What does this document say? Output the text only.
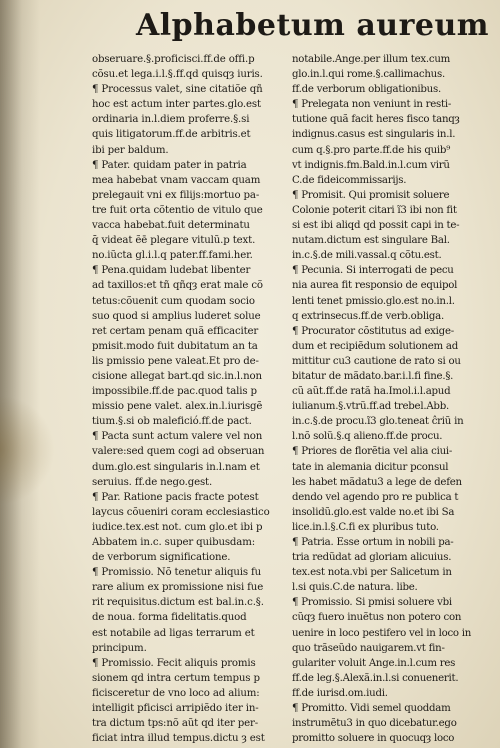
Alphabetum aureum
obseruare.§.proficisci.ff.de offi.p
cõsu.et lega.i.l.§.ff.qd quisqȝ iuris.
¶ Processus valet, sine citatiõe qñ
hoc est actum inter partes.glo.est
ordinaria in.l.diem proferre.§.si
quis litigatorum.ff.de arbitris.et
ibi per baldum.
¶ Pater. quidam pater in patria
mea habebat vnam vaccam quam
prelegauit vni ex filijs:mortuo pa-
tre fuit orta cõtentio de vitulo que
vacca habebat.fuit determinatu
q̄ videat ẽē plegare vitulũ.p text.
no.iũcta gl.i.l.q pater.ff.fami.her.
¶ Pena.quidam ludebat libenter
ad taxillos:et tñ qñqȝ erat male cõ
tetus:cõuenit cum quodam socio
suo quod si amplius luderet solue
ret certam penam quã efficaciter
pmisit.modo fuit dubitatum an ta
lis pmissio pene valeat.Et pro de-
cisione allegat bart.qd sic.in.l.non
impossibile.ff.de pac.quod talis p
missio pene valet. alex.in.l.iurisgẽ
tium.§.si ob malefició.ff.de pact.
¶ Pacta sunt actum valere vel non
valere:sed quem cogi ad obseruan
dum.glo.est singularis in.l.nam et
seruius. ff.de nego.gest.
¶ Par. Ratione pacis fracte potest
laycus cõueniri coram ecclesiastico
iudice.tex.est not. cum glo.et ibi p
Abbatem in.c. super quibusdam:
de verborum significatione.
¶ Promissio. Nõ tenetur aliquis fu
rare alium ex promissione nisi fue
rit requisitus.dictum est bal.in.c.§.
de noua. forma fidelitatis.quod
est notabile ad ligas terrarum et
principum.
¶ Promissio. Fecit aliquis promis
sionem qd intra certum tempus p
ficisceretur de vno loco ad alium:
intelligit pficisci arripiẽdo iter in-
tra dictum tps:nõ aũt qd iter per-
ficiat intra illud tempus.dictu ȝ est
notabile.Ange.per illum tex.cum
glo.in.l.qui rome.§.callimachus.
ff.de verborum obligationibus.
¶ Prelegata non veniunt in resti-
tutione quã facit heres fisco tanqȝ
indignus.casus est singularis in.l.
cum q.§.pro parte.ff.de his quib⁹
vt indignis.fm.Bald.in.l.cum virũ
C.de fideicommissarijs.
¶ Promisit. Qui promisit soluere
Colonie poterit citari ĩ3 ibi non fit
si est ibi aliqd qd possit capi in te-
nutam.dictum est singulare Bal.
in.c.§.de mili.vassal.q cõtu.est.
¶ Pecunia. Si interrogati de pecu
nia aurea fit responsio de equipol
lenti tenet pmissio.glo.est no.in.l.
q extrinsecus.ff.de verb.obliga.
¶ Procurator cõstitutus ad exige-
dum et recipiẽdum solutionem ad
mittitur cu3 cautione de rato si ou
bitatur de mãdato.bar.i.l.fi fine.§.
cũ aũt.ff.de rată ha.Imol.i.l.apud
iulianum.§.vtrũ.ff.ad trebel.Abb.
in.c.§.de procu.ĩ3 glo.teneat ĉriũ in
l.nõ solũ.§.q alieno.ff.de procu.
¶ Priores de florẽtia vel alia ciui-
tate in alemania dicitur pconsul
les habet mãdatu3 a lege de defen
dendo vel agendo pro re publica t
insolidũ.glo.est valde no.et ibi Sa
lice.in.l.§.C.fi ex pluribus tuto.
¶ Patria. Esse ortum in nobili pa-
tria redũdat ad gloriam alicuius.
tex.est nota.vbi per Salicetum in
l.si quis.C.de natura. libe.
¶ Promissio. Si pmisi soluere vbi
cũqȝ fuero inuẽtus non potero con
uenire in loco pestifero vel in loco in
quo trãseũdo nauigarem.vt fin-
gulariter voluit Ange.in.l.cum res
ff.de leg.§.Alexã.in.l.si conuenerit.
ff.de iurisd.om.iudi.
¶ Promitto. Vidi semel quoddam
instrumẽtu3 in quo dicebatur.ego
promitto soluere in quocuqȝ loco
